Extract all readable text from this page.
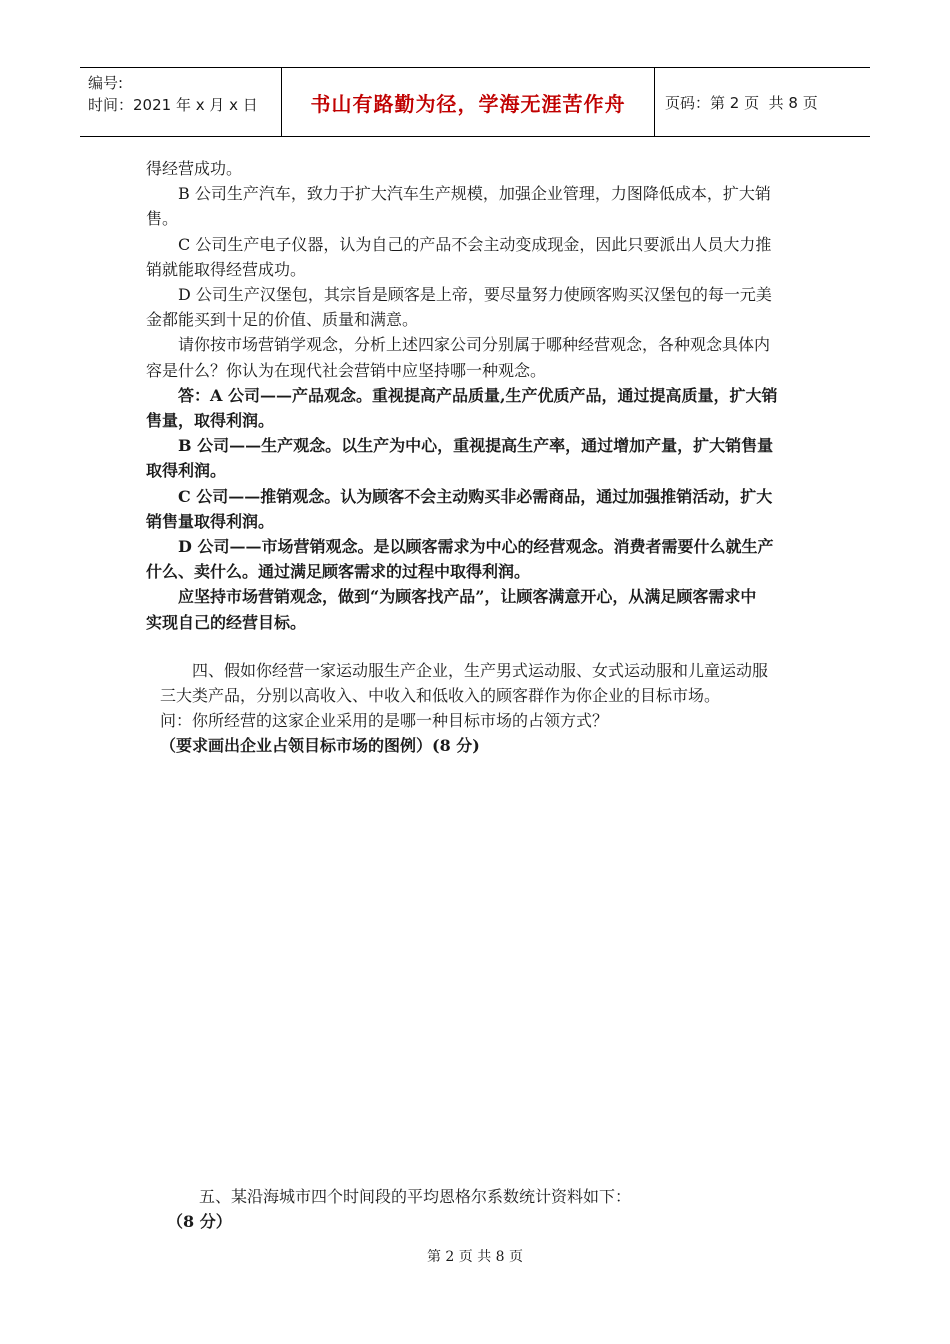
编号:
时间：2021 年 x 月 x 日	书山有路勤为径，学海无涯苦作舟	页码：第 2 页  共 8 页

得经营成功。

B 公司生产汽车，致力于扩大汽车生产规模，加强企业管理，力图降低成本，扩大销

售。

C 公司生产电子仪器，认为自己的产品不会主动变成现金，因此只要派出人员大力推

销就能取得经营成功。

D 公司生产汉堡包，其宗旨是顾客是上帝，要尽量努力使顾客购买汉堡包的每一元美

金都能买到十足的价值、质量和满意。

请你按市场营销学观念，分析上述四家公司分别属于哪种经营观念，各种观念具体内

容是什么？你认为在现代社会营销中应坚持哪一种观念。

答：A 公司——产品观念。重视提高产品质量,生产优质产品，通过提高质量，扩大销

售量，取得利润。

B 公司——生产观念。以生产为中心，重视提高生产率，通过增加产量，扩大销售量

取得利润。

C 公司——推销观念。认为顾客不会主动购买非必需商品，通过加强推销活动，扩大

销售量取得利润。

D 公司——市场营销观念。是以顾客需求为中心的经营观念。消费者需要什么就生产

什么、卖什么。通过满足顾客需求的过程中取得利润。

应坚持市场营销观念，做到“为顾客找产品”，让顾客满意开心，从满足顾客需求中

实现自己的经营目标。

四、假如你经营一家运动服生产企业，生产男式运动服、女式运动服和儿童运动服

三大类产品，分别以高收入、中收入和低收入的顾客群作为你企业的目标市场。

问：你所经营的这家企业采用的是哪一种目标市场的占领方式？

（要求画出企业占领目标市场的图例）(8 分)

五、某沿海城市四个时间段的平均恩格尔系数统计资料如下：

（8 分）

第 2 页 共 8 页
